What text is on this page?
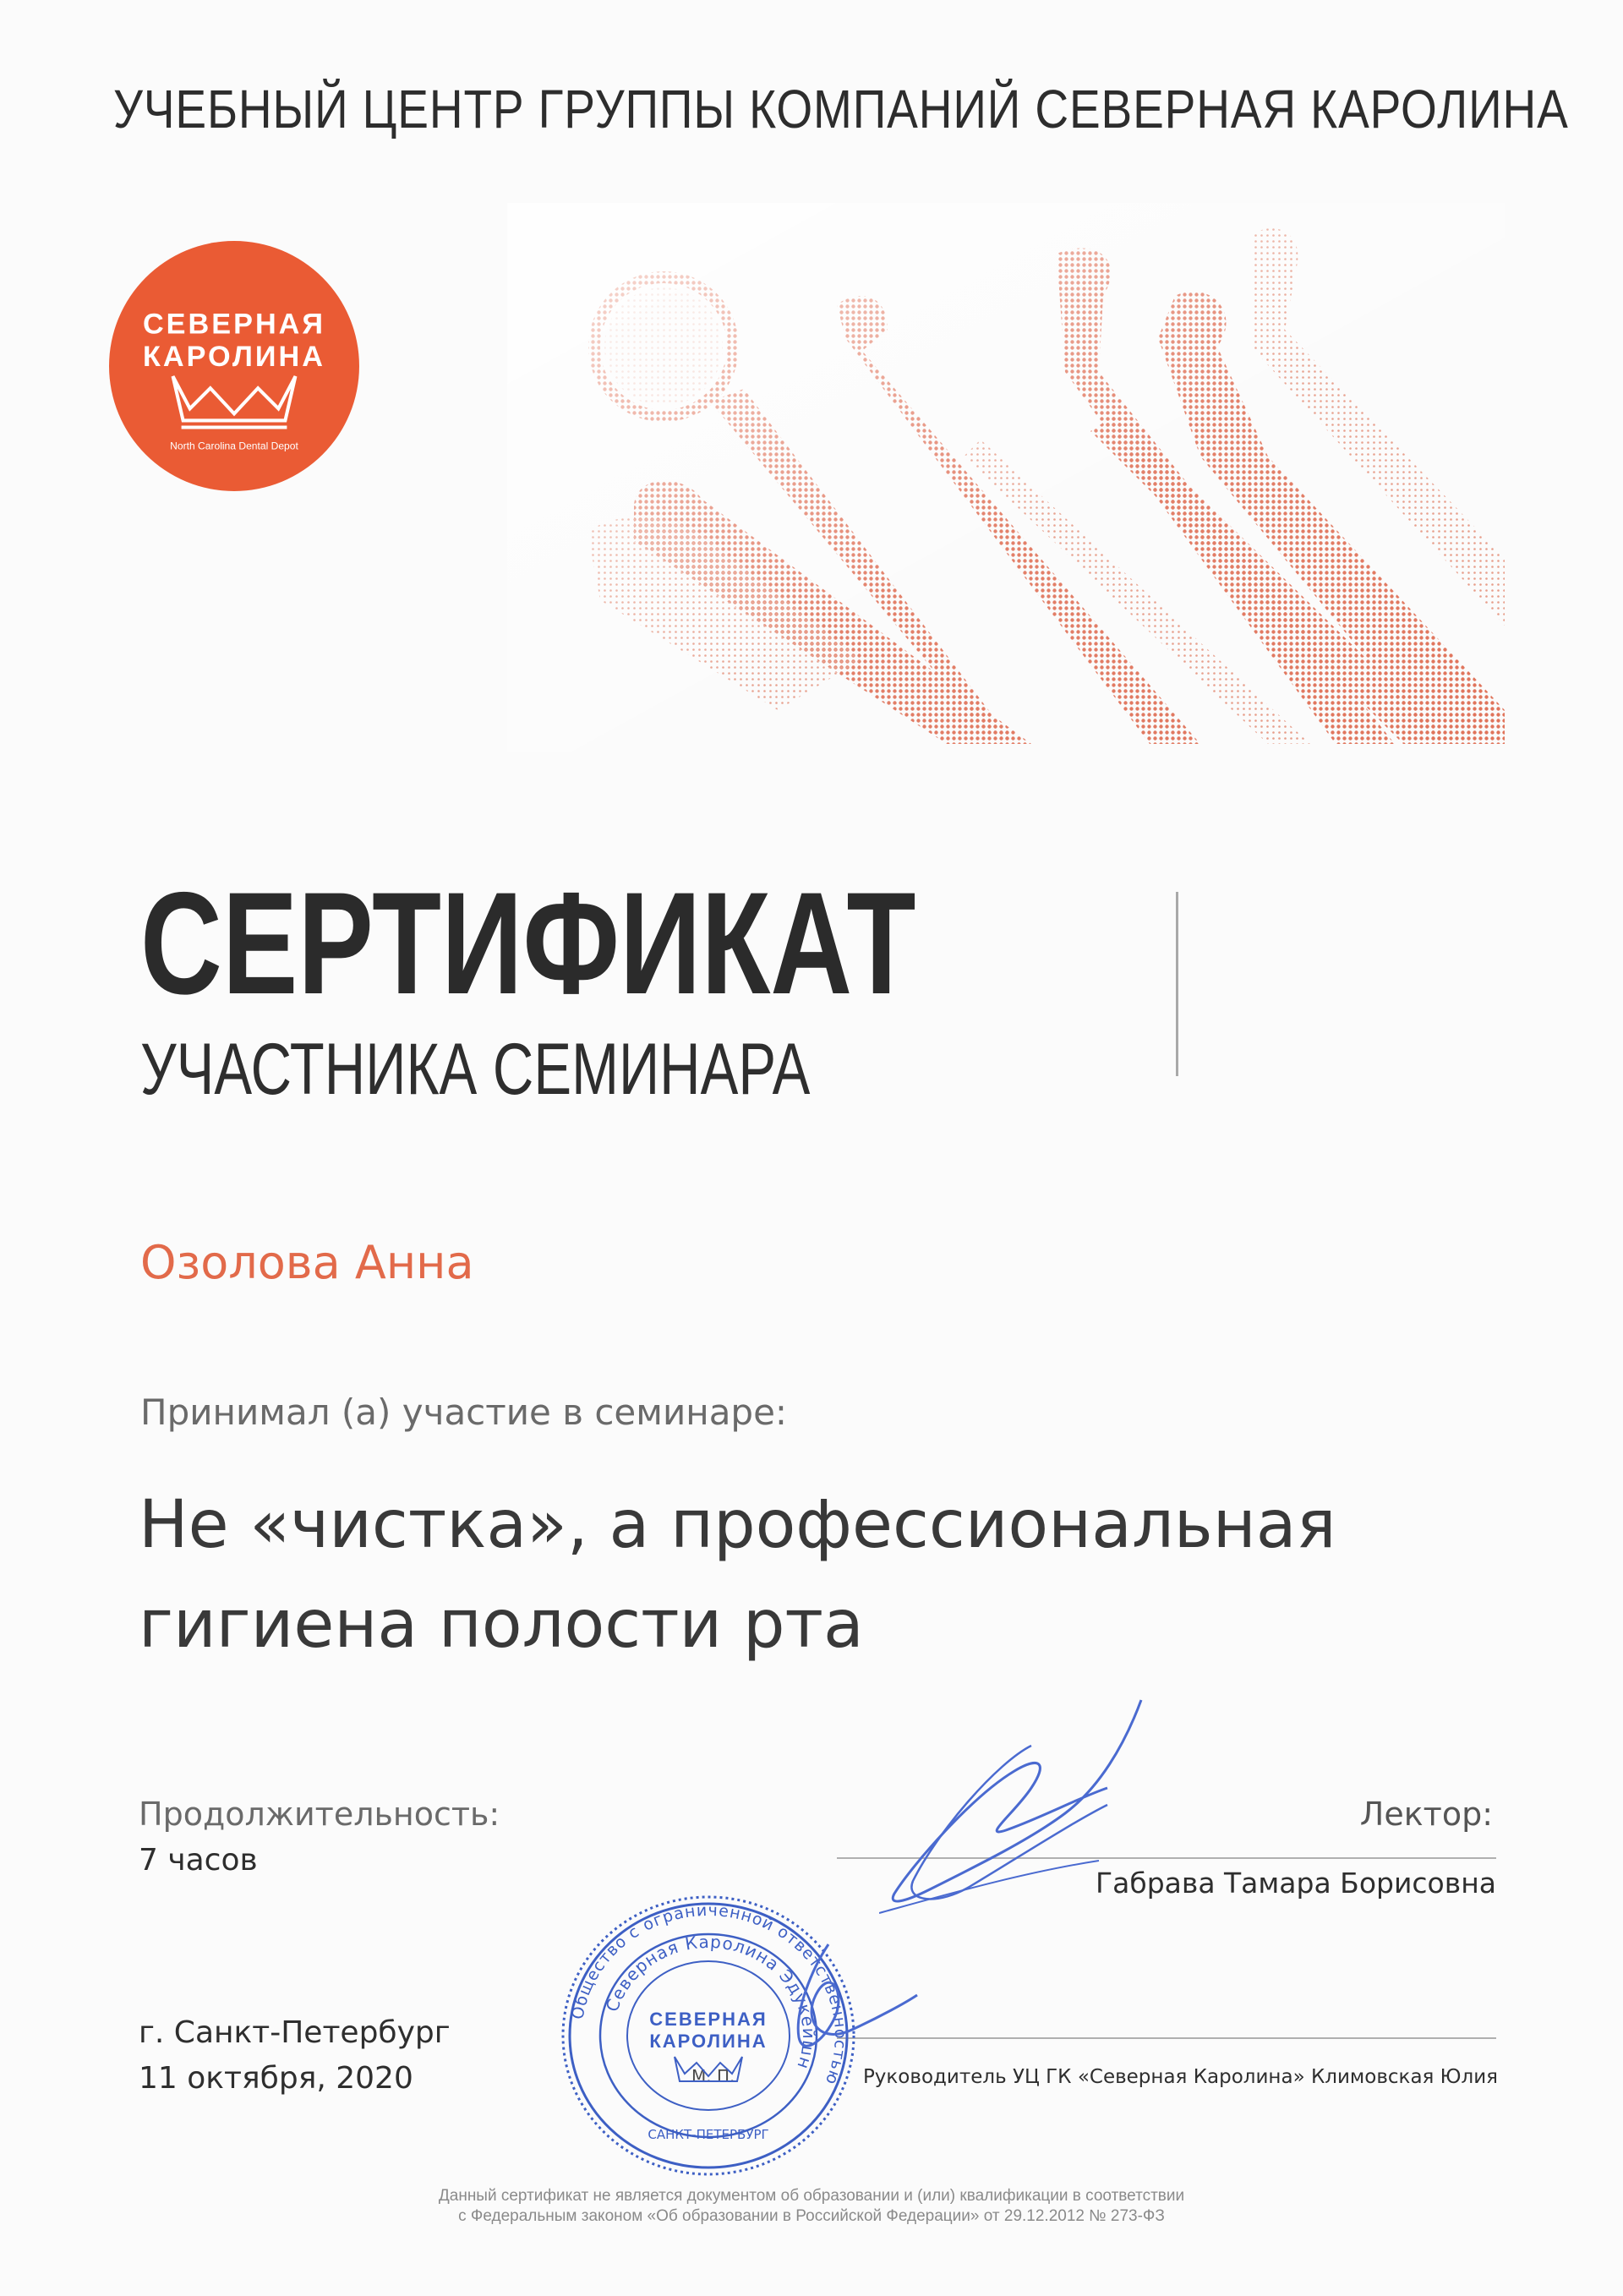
УЧЕБНЫЙ ЦЕНТР ГРУППЫ КОМПАНИЙ СЕВЕРНАЯ КАРОЛИНА
СЕВЕРНАЯ
КАРОЛИНА
North Carolina Dental Depot
СЕРТИФИКАТ
УЧАСТНИКА СЕМИНАРА
Озолова Анна
Принимал (а) участие в семинаре:
Не «чистка», а профессиональная гигиена полости рта
Продолжительность:
7 часов
Лектор:
Габрава Тамара Борисовна
г. Санкт-Петербург
11 октября, 2020	М. П.	Руководитель УЦ ГК «Северная Каролина» Климовская Юлия
Общество с ограниченной ответственностью
Северная Каролина Эдукейшн
СЕВЕРНАЯ
КАРОЛИНА
САНКТ-ПЕТЕРБУРГ
Данный сертификат не является документом об образовании и (или) квалификации в соответствии
с Федеральным законом «Об образовании в Российской Федерации» от 29.12.2012 № 273-ФЗ
